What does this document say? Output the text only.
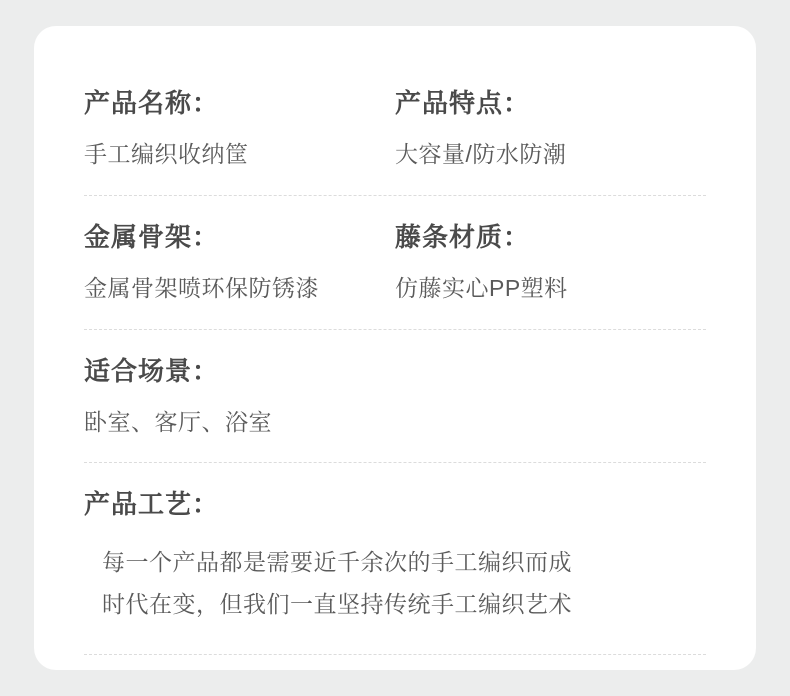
产品名称：
手工编织收纳筐
产品特点：
大容量/防水防潮
金属骨架：
金属骨架喷环保防锈漆
藤条材质：
仿藤实心PP塑料
适合场景：
卧室、客厅、浴室
产品工艺：
每一个产品都是需要近千余次的手工编织而成
时代在变，但我们一直坚持传统手工编织艺术
